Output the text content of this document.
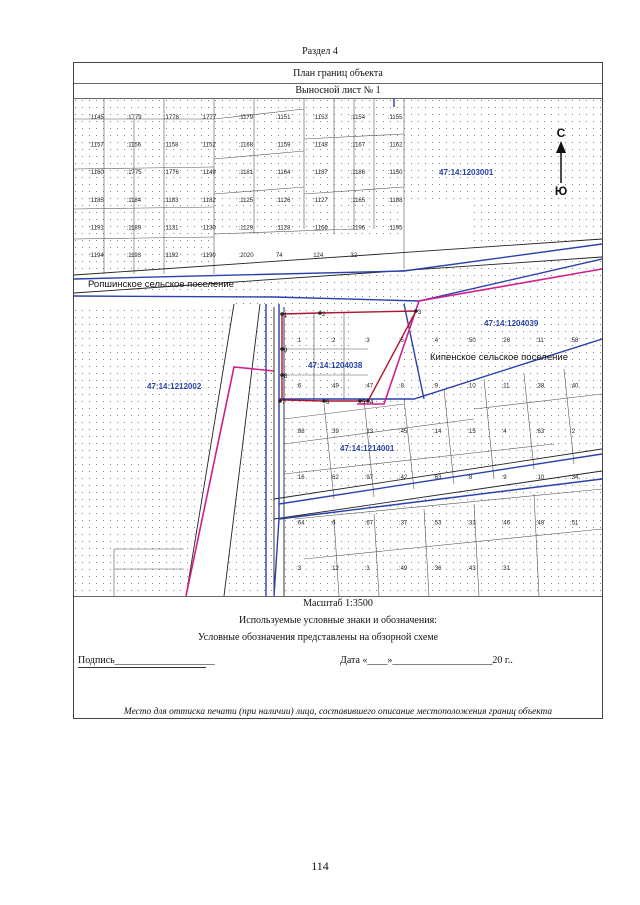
Раздел 4
План границ объекта
Выносной лист № 1
1	2	3
4
5
6
7
8
9
:1145	:1779	:1778	:1777	:1179	:1151	:1153	:1154	:1155
:1157	:1156	:1158	:1152	:1168	:1159	:1148	:1167	:1162
:1160	:1775	:1776	:1149	:1181	:1164	:1187	:1186	:1150
:1185	:1184	:1183	:1182	:1125	:1126	:1127	:1165	:1188
:1191	:1189	:1131	:1130	:1129	:1128	:1166	:1196	:1195
:1194	:1193	:1192	:1190	:2020	74	124	32
:1	:2	:3	:5	:4	:50	:26	:11	:58
:6	:49	:47	:8	:9	:10	:11	:38	:40
:88	:39	:13	:45	:14	:15	:4	:63	:2
:16	:62	:97	:42	:63	:8	:9	:10	:34
:64	:6	:67	:37	:53	:33	:46	:48	:51
:3	:12	:3	:49	:36	:43	:31
47:14:1203001
47:14:1204039
47:14:1212002
47:14:1204038
47:14:1214001
Ропшинское сельское поселение
Кипенское сельское поселение
С
Ю
Масштаб 1:3500
Используемые условные знаки и обозначения:
Условные обозначения представлены на обзорной схеме
Подпись____________________	Дата «____»____________________20 г..
Место для оттиска печати (при наличии) лица, составившего описание местоположения границ объекта
114
